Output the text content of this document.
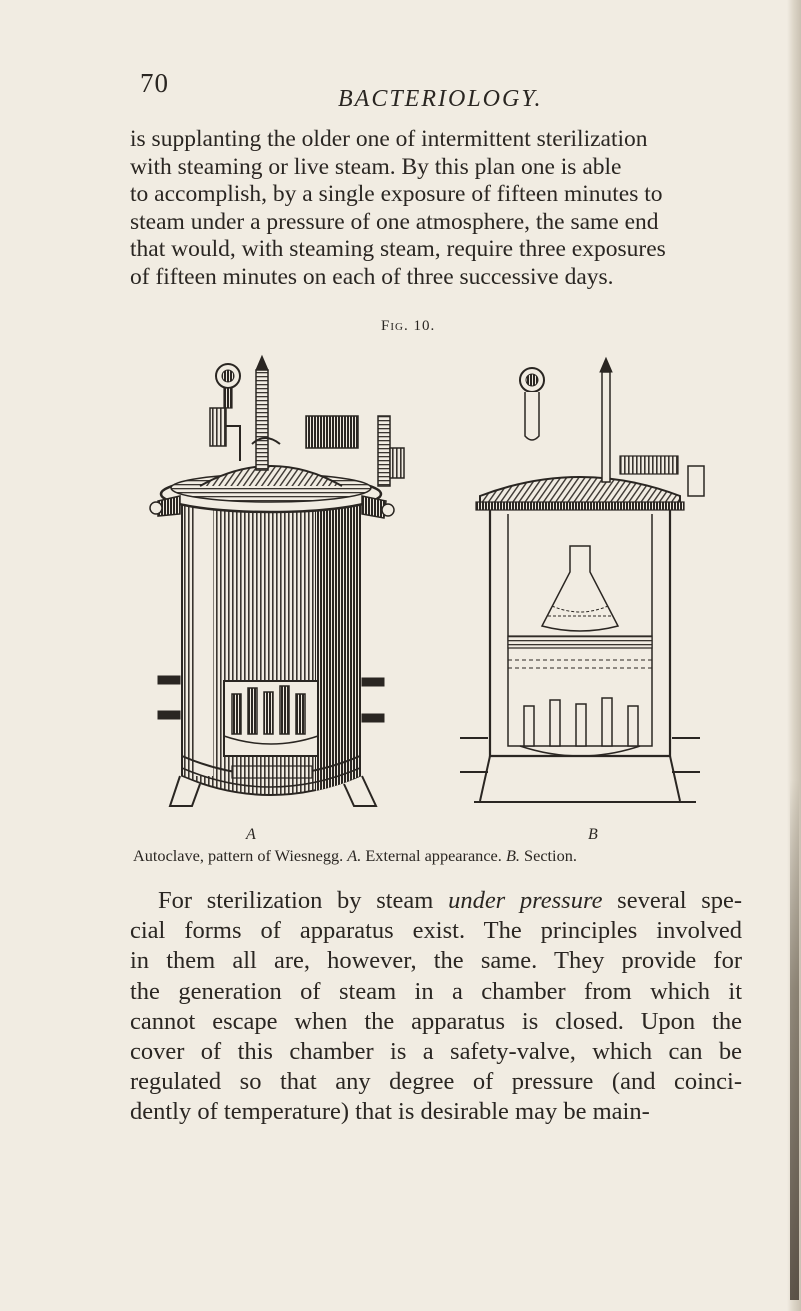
70
BACTERIOLOGY.
is supplanting the older one of intermittent sterilization
with steaming or live steam. By this plan one is able
to accomplish, by a single exposure of fifteen minutes to
steam under a pressure of one atmosphere, the same end
that would, with steaming steam, require three exposures
of fifteen minutes on each of three successive days.
Fig. 10.
A	B
Autoclave, pattern of Wiesnegg. A. External appearance. B. Section.
For sterilization by steam under pressure several spe-
cial forms of apparatus exist. The principles involved
in them all are, however, the same. They provide for
the generation of steam in a chamber from which it
cannot escape when the apparatus is closed. Upon the
cover of this chamber is a safety-valve, which can be
regulated so that any degree of pressure (and coinci-
dently of temperature) that is desirable may be main-
